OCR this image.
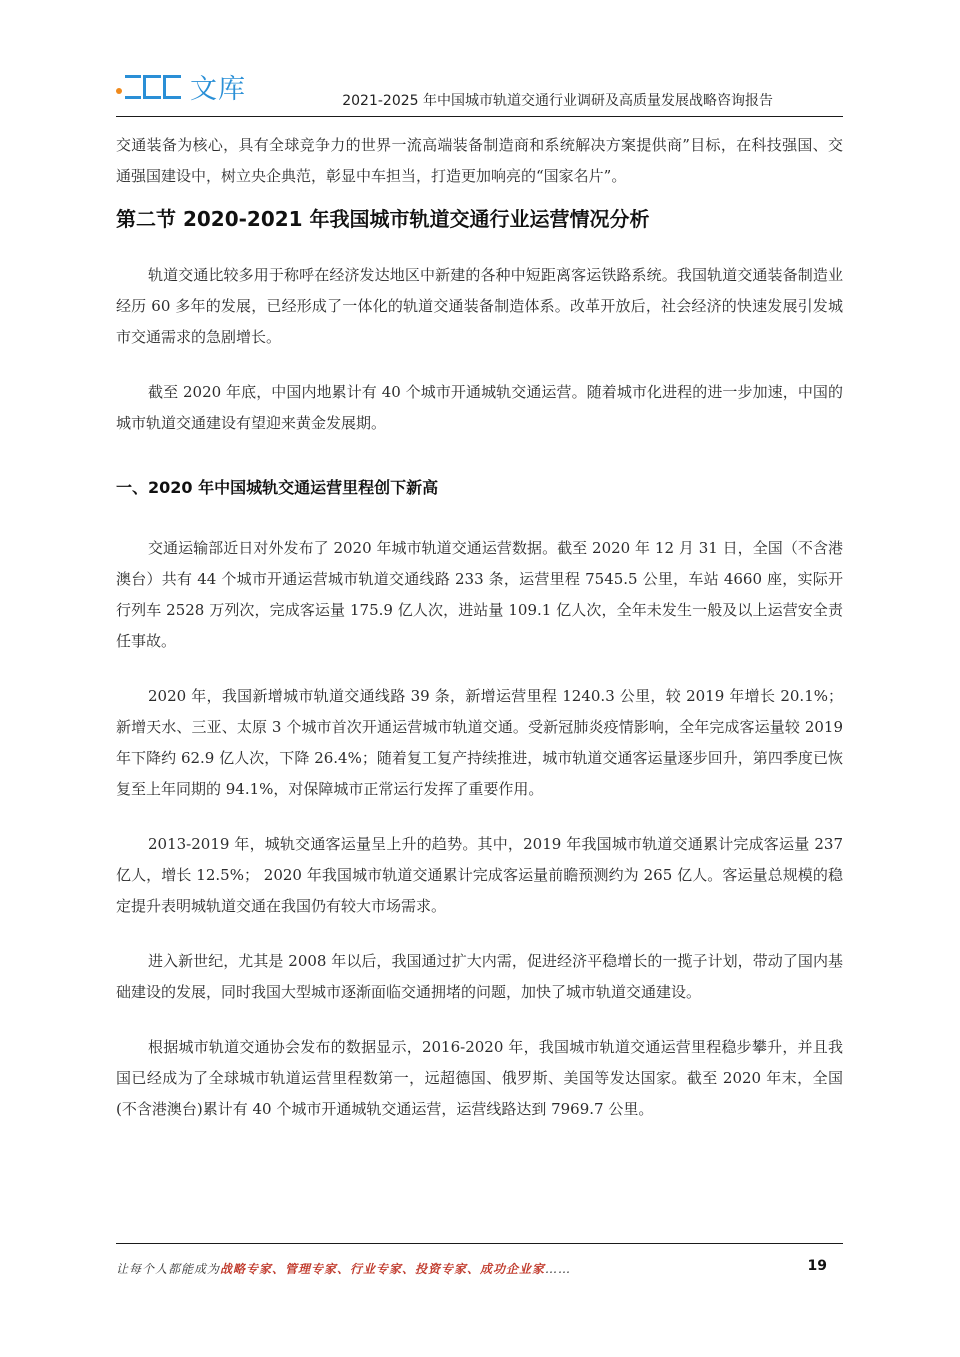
文库	2021-2025 年中国城市轨道交通行业调研及高质量发展战略咨询报告

交通装备为核心，具有全球竞争力的世界一流高端装备制造商和系统解决方案提供商”目标，在科技强国、交通强国建设中，树立央企典范，彰显中车担当，打造更加响亮的“国家名片”。

第二节 2020-2021 年我国城市轨道交通行业运营情况分析

轨道交通比较多用于称呼在经济发达地区中新建的各种中短距离客运铁路系统。我国轨道交通装备制造业经历 60 多年的发展，已经形成了一体化的轨道交通装备制造体系。改革开放后，社会经济的快速发展引发城市交通需求的急剧增长。

截至 2020 年底，中国内地累计有 40 个城市开通城轨交通运营。随着城市化进程的进一步加速，中国的城市轨道交通建设有望迎来黄金发展期。

一、2020 年中国城轨交通运营里程创下新高

交通运输部近日对外发布了 2020 年城市轨道交通运营数据。截至 2020 年 12 月 31 日，全国（不含港澳台）共有 44 个城市开通运营城市轨道交通线路 233 条，运营里程 7545.5 公里，车站 4660 座，实际开行列车 2528 万列次，完成客运量 175.9 亿人次，进站量 109.1 亿人次，全年未发生一般及以上运营安全责任事故。

2020 年，我国新增城市轨道交通线路 39 条，新增运营里程 1240.3 公里，较 2019 年增长 20.1%；新增天水、三亚、太原 3 个城市首次开通运营城市轨道交通。受新冠肺炎疫情影响，全年完成客运量较 2019 年下降约 62.9 亿人次，下降 26.4%；随着复工复产持续推进，城市轨道交通客运量逐步回升，第四季度已恢复至上年同期的 94.1%，对保障城市正常运行发挥了重要作用。

2013-2019 年，城轨交通客运量呈上升的趋势。其中，2019 年我国城市轨道交通累计完成客运量 237 亿人，增长 12.5%； 2020 年我国城市轨道交通累计完成客运量前瞻预测约为 265 亿人。客运量总规模的稳定提升表明城轨道交通在我国仍有较大市场需求。

进入新世纪，尤其是 2008 年以后，我国通过扩大内需，促进经济平稳增长的一揽子计划，带动了国内基础建设的发展，同时我国大型城市逐渐面临交通拥堵的问题，加快了城市轨道交通建设。

根据城市轨道交通协会发布的数据显示，2016-2020 年，我国城市轨道交通运营里程稳步攀升，并且我国已经成为了全球城市轨道运营里程数第一，远超德国、俄罗斯、美国等发达国家。截至 2020 年末，全国(不含港澳台)累计有 40 个城市开通城轨交通运营，运营线路达到 7969.7 公里。

让每个人都能成为战略专家、管理专家、行业专家、投资专家、成功企业家……	19
